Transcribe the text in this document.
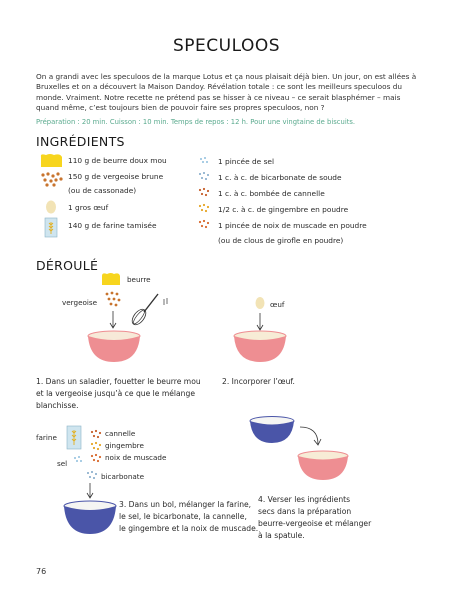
SPECULOOS
On a grandi avec les speculoos de la marque Lotus et ça nous plaisait déjà bien. Un jour, on est allées à Bruxelles et on a découvert la Maison Dandoy. Révélation totale : ce sont les meilleurs speculoos du monde. Vraiment. Notre recette ne prétend pas se hisser à ce niveau – ce serait blasphémer – mais quand même, c’est toujours bien de pouvoir faire ses propres speculoos, non ?
Préparation : 20 min. Cuisson : 10 min. Temps de repos : 12 h. Pour une vingtaine de biscuits.
INGRÉDIENTS
110 g de beurre doux mou
150 g de vergeoise brune
(ou de cassonade)
1 gros œuf
140 g de farine tamisée
1 pincée de sel
1 c. à c. de bicarbonate de soude
1 c. à c. bombée de cannelle
1/2 c. à c. de gingembre en poudre
1 pincée de noix de muscade en poudre
(ou de clous de girofle en poudre)
DÉROULÉ
beurre
vergeoise	œuf
1. Dans un saladier, fouetter le beurre mou
et la vergeoise jusqu’à ce que le mélange
blanchisse.
2. Incorporer l’œuf.
farine	cannelle
gingembre
noix de muscade
sel
bicarbonate
3. Dans un bol, mélanger la farine,
le sel, le bicarbonate, la cannelle,
le gingembre et la noix de muscade.
4. Verser les ingrédients
secs dans la préparation
beurre-vergeoise et mélanger
à la spatule.
76
